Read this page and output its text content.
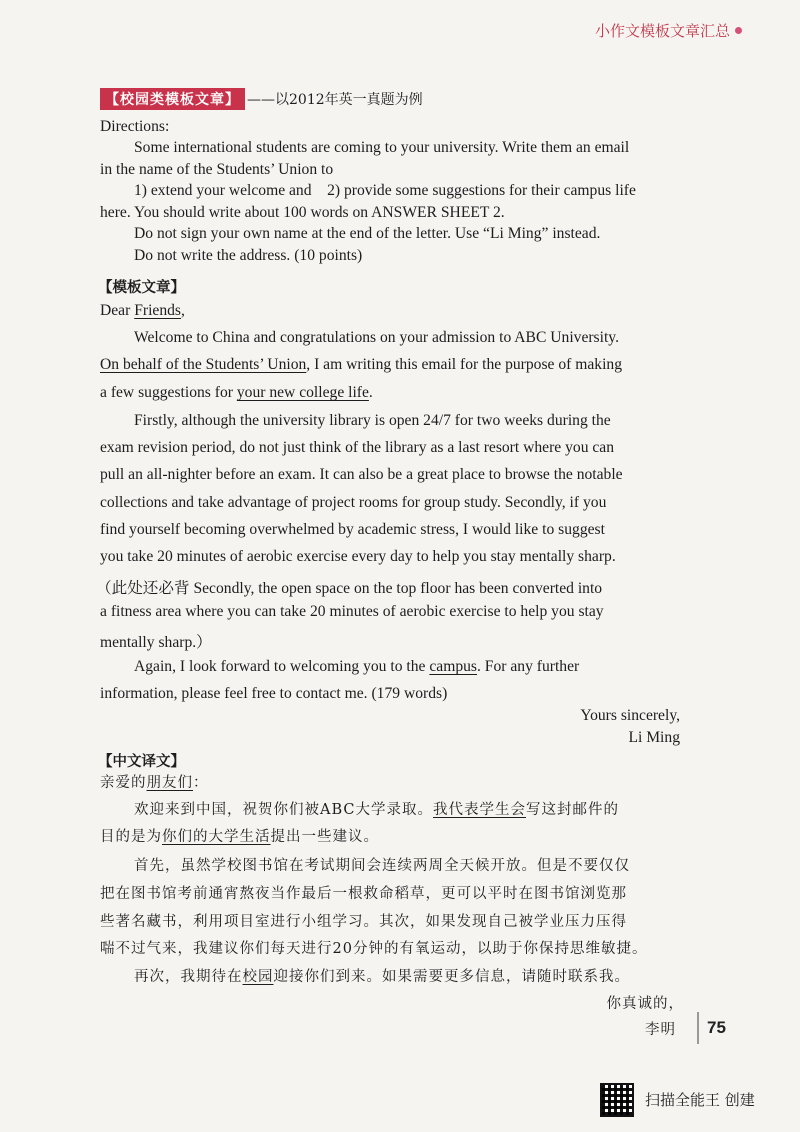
小作文模板文章汇总
【校园类模板文章】 ——以2012年英一真题为例
Directions:
Some international students are coming to your university. Write them an email
in the name of the Students’ Union to
1) extend your welcome and    2) provide some suggestions for their campus life
here. You should write about 100 words on ANSWER SHEET 2.
Do not sign your own name at the end of the letter. Use “Li Ming” instead.
Do not write the address. (10 points)
【模板文章】
Dear Friends,
Welcome to China and congratulations on your admission to ABC University.
On behalf of the Students’ Union, I am writing this email for the purpose of making
a few suggestions for your new college life.
Firstly, although the university library is open 24/7 for two weeks during the
exam revision period, do not just think of the library as a last resort where you can
pull an all-nighter before an exam. It can also be a great place to browse the notable
collections and take advantage of project rooms for group study. Secondly, if you
find yourself becoming overwhelmed by academic stress, I would like to suggest
you take 20 minutes of aerobic exercise every day to help you stay mentally sharp.
（此处还必背 Secondly, the open space on the top floor has been converted into
a fitness area where you can take 20 minutes of aerobic exercise to help you stay
mentally sharp.）
Again, I look forward to welcoming you to the campus. For any further
information, please feel free to contact me. (179 words)
Yours sincerely,
Li Ming
【中文译文】
亲爱的朋友们：
欢迎来到中国，祝贺你们被ABC大学录取。我代表学生会写这封邮件的
目的是为你们的大学生活提出一些建议。
首先，虽然学校图书馆在考试期间会连续两周全天候开放。但是不要仅仅
把在图书馆考前通宵熬夜当作最后一根救命稻草，更可以平时在图书馆浏览那
些著名藏书，利用项目室进行小组学习。其次，如果发现自己被学业压力压得
喘不过气来，我建议你们每天进行20分钟的有氧运动，以助于你保持思维敏捷。
再次，我期待在校园迎接你们到来。如果需要更多信息，请随时联系我。
你真诚的，
李明 75
扫描全能王 创建
